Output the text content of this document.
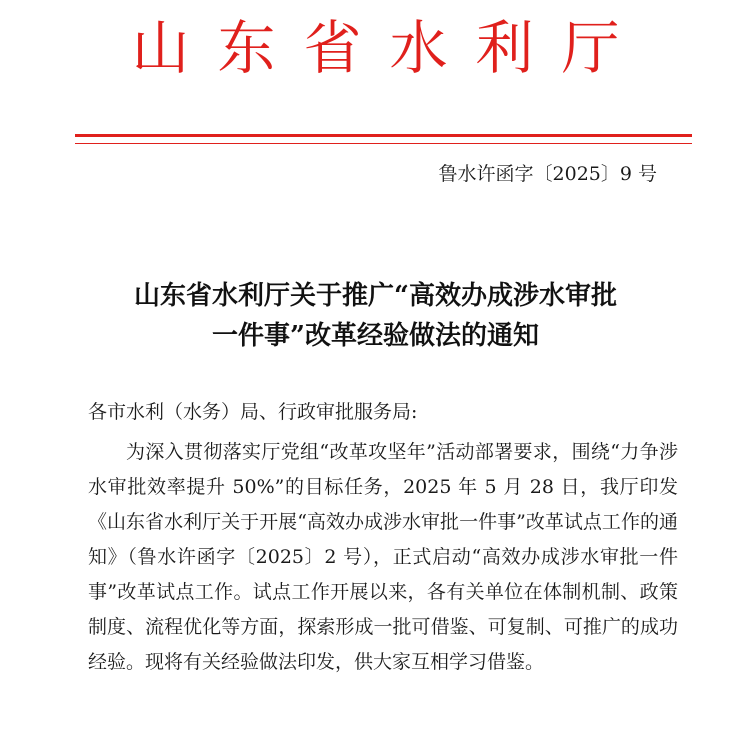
山东省水利厅
鲁水许函字〔2025〕9 号
山东省水利厅关于推广“高效办成涉水审批
一件事”改革经验做法的通知
各市水利（水务）局、行政审批服务局:

为深入贯彻落实厅党组“改革攻坚年”活动部署要求，围绕“力争涉水审批效率提升 50%”的目标任务，2025 年 5 月 28 日，我厅印发《山东省水利厅关于开展“高效办成涉水审批一件事”改革试点工作的通知》（鲁水许函字〔2025〕2 号），正式启动“高效办成涉水审批一件事”改革试点工作。试点工作开展以来，各有关单位在体制机制、政策制度、流程优化等方面，探索形成一批可借鉴、可复制、可推广的成功经验。现将有关经验做法印发，供大家互相学习借鉴。
